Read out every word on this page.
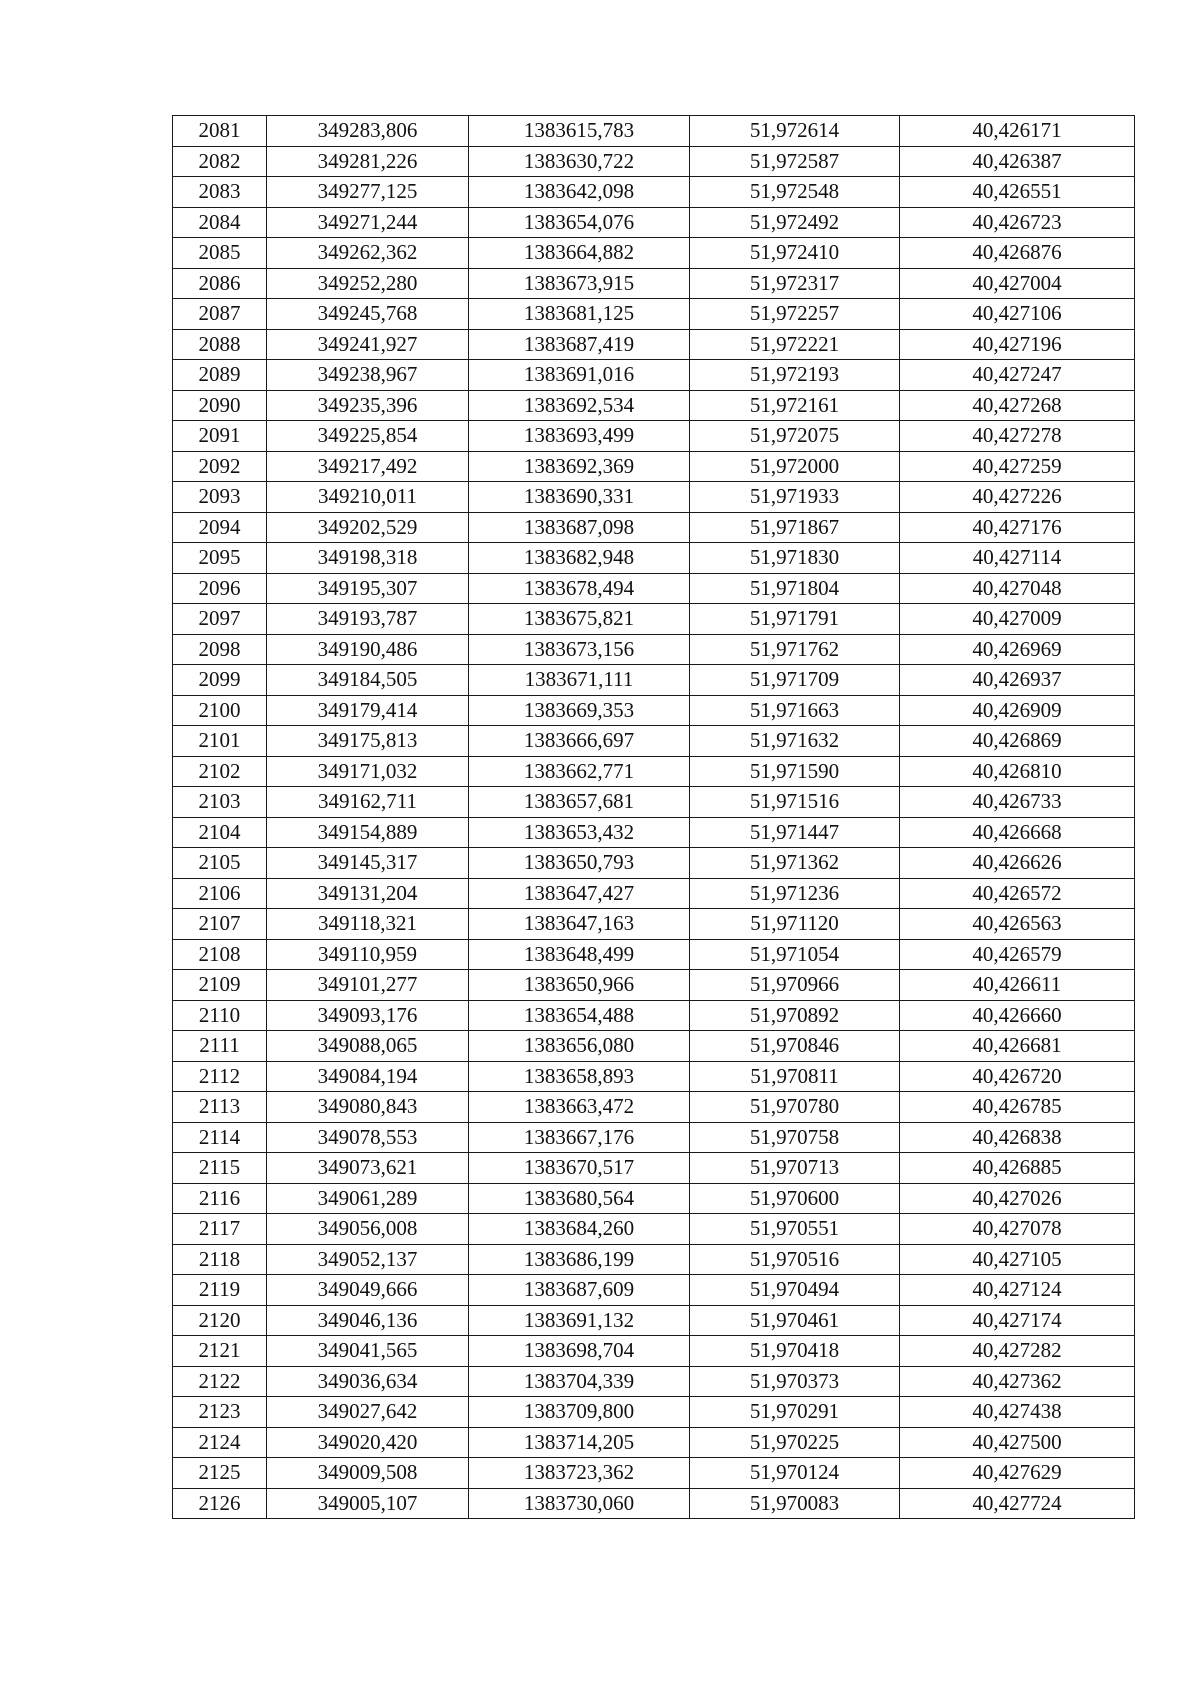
2081	349283,806	1383615,783	51,972614	40,426171
2082	349281,226	1383630,722	51,972587	40,426387
2083	349277,125	1383642,098	51,972548	40,426551
2084	349271,244	1383654,076	51,972492	40,426723
2085	349262,362	1383664,882	51,972410	40,426876
2086	349252,280	1383673,915	51,972317	40,427004
2087	349245,768	1383681,125	51,972257	40,427106
2088	349241,927	1383687,419	51,972221	40,427196
2089	349238,967	1383691,016	51,972193	40,427247
2090	349235,396	1383692,534	51,972161	40,427268
2091	349225,854	1383693,499	51,972075	40,427278
2092	349217,492	1383692,369	51,972000	40,427259
2093	349210,011	1383690,331	51,971933	40,427226
2094	349202,529	1383687,098	51,971867	40,427176
2095	349198,318	1383682,948	51,971830	40,427114
2096	349195,307	1383678,494	51,971804	40,427048
2097	349193,787	1383675,821	51,971791	40,427009
2098	349190,486	1383673,156	51,971762	40,426969
2099	349184,505	1383671,111	51,971709	40,426937
2100	349179,414	1383669,353	51,971663	40,426909
2101	349175,813	1383666,697	51,971632	40,426869
2102	349171,032	1383662,771	51,971590	40,426810
2103	349162,711	1383657,681	51,971516	40,426733
2104	349154,889	1383653,432	51,971447	40,426668
2105	349145,317	1383650,793	51,971362	40,426626
2106	349131,204	1383647,427	51,971236	40,426572
2107	349118,321	1383647,163	51,971120	40,426563
2108	349110,959	1383648,499	51,971054	40,426579
2109	349101,277	1383650,966	51,970966	40,426611
2110	349093,176	1383654,488	51,970892	40,426660
2111	349088,065	1383656,080	51,970846	40,426681
2112	349084,194	1383658,893	51,970811	40,426720
2113	349080,843	1383663,472	51,970780	40,426785
2114	349078,553	1383667,176	51,970758	40,426838
2115	349073,621	1383670,517	51,970713	40,426885
2116	349061,289	1383680,564	51,970600	40,427026
2117	349056,008	1383684,260	51,970551	40,427078
2118	349052,137	1383686,199	51,970516	40,427105
2119	349049,666	1383687,609	51,970494	40,427124
2120	349046,136	1383691,132	51,970461	40,427174
2121	349041,565	1383698,704	51,970418	40,427282
2122	349036,634	1383704,339	51,970373	40,427362
2123	349027,642	1383709,800	51,970291	40,427438
2124	349020,420	1383714,205	51,970225	40,427500
2125	349009,508	1383723,362	51,970124	40,427629
2126	349005,107	1383730,060	51,970083	40,427724
